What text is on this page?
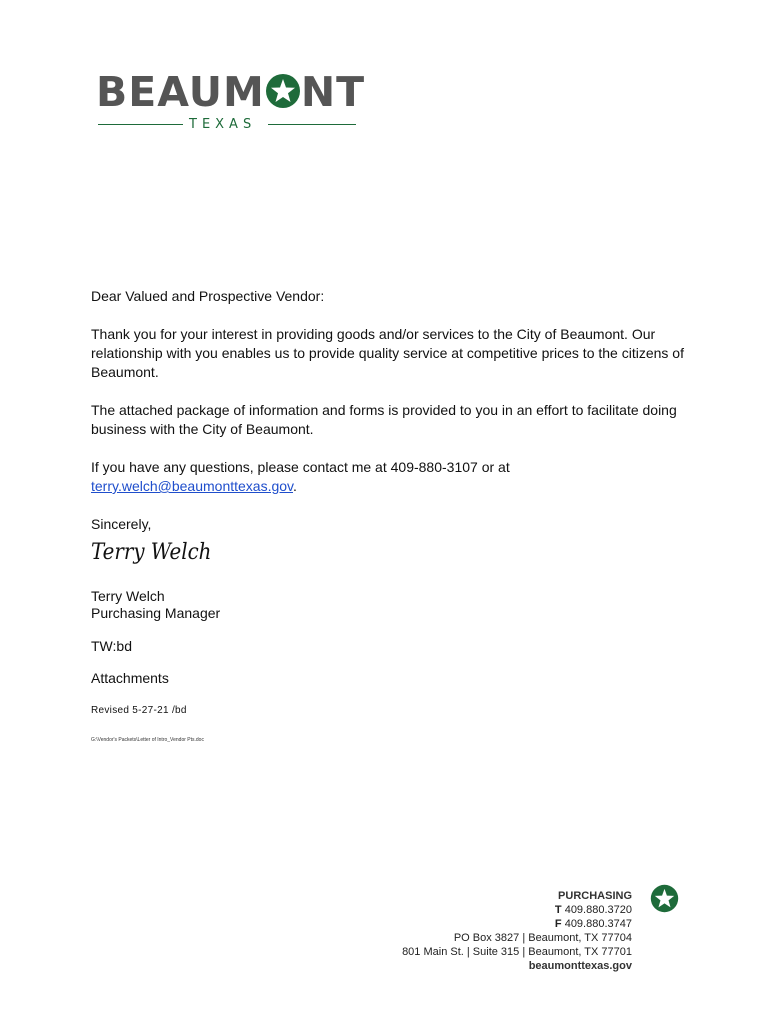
BEAUM NT
TEXAS

Dear Valued and Prospective Vendor:

Thank you for your interest in providing goods and/or services to the City of Beaumont. Our relationship with you enables us to provide quality service at competitive prices to the citizens of Beaumont.

The attached package of information and forms is provided to you in an effort to facilitate doing business with the City of Beaumont.

If you have any questions, please contact me at 409-880-3107 or at
terry.welch@beaumonttexas.gov.

Sincerely,

Terry Welch
Terry Welch
Purchasing Manager
TW:bd
Attachments
Revised 5-27-21 /bd
G:\Vendor's Packets\Letter of Intro_Vendor Pts.doc
PURCHASING
T 409.880.3720
F 409.880.3747
PO Box 3827 | Beaumont, TX 77704
801 Main St. | Suite 315 | Beaumont, TX 77701
beaumonttexas.gov
